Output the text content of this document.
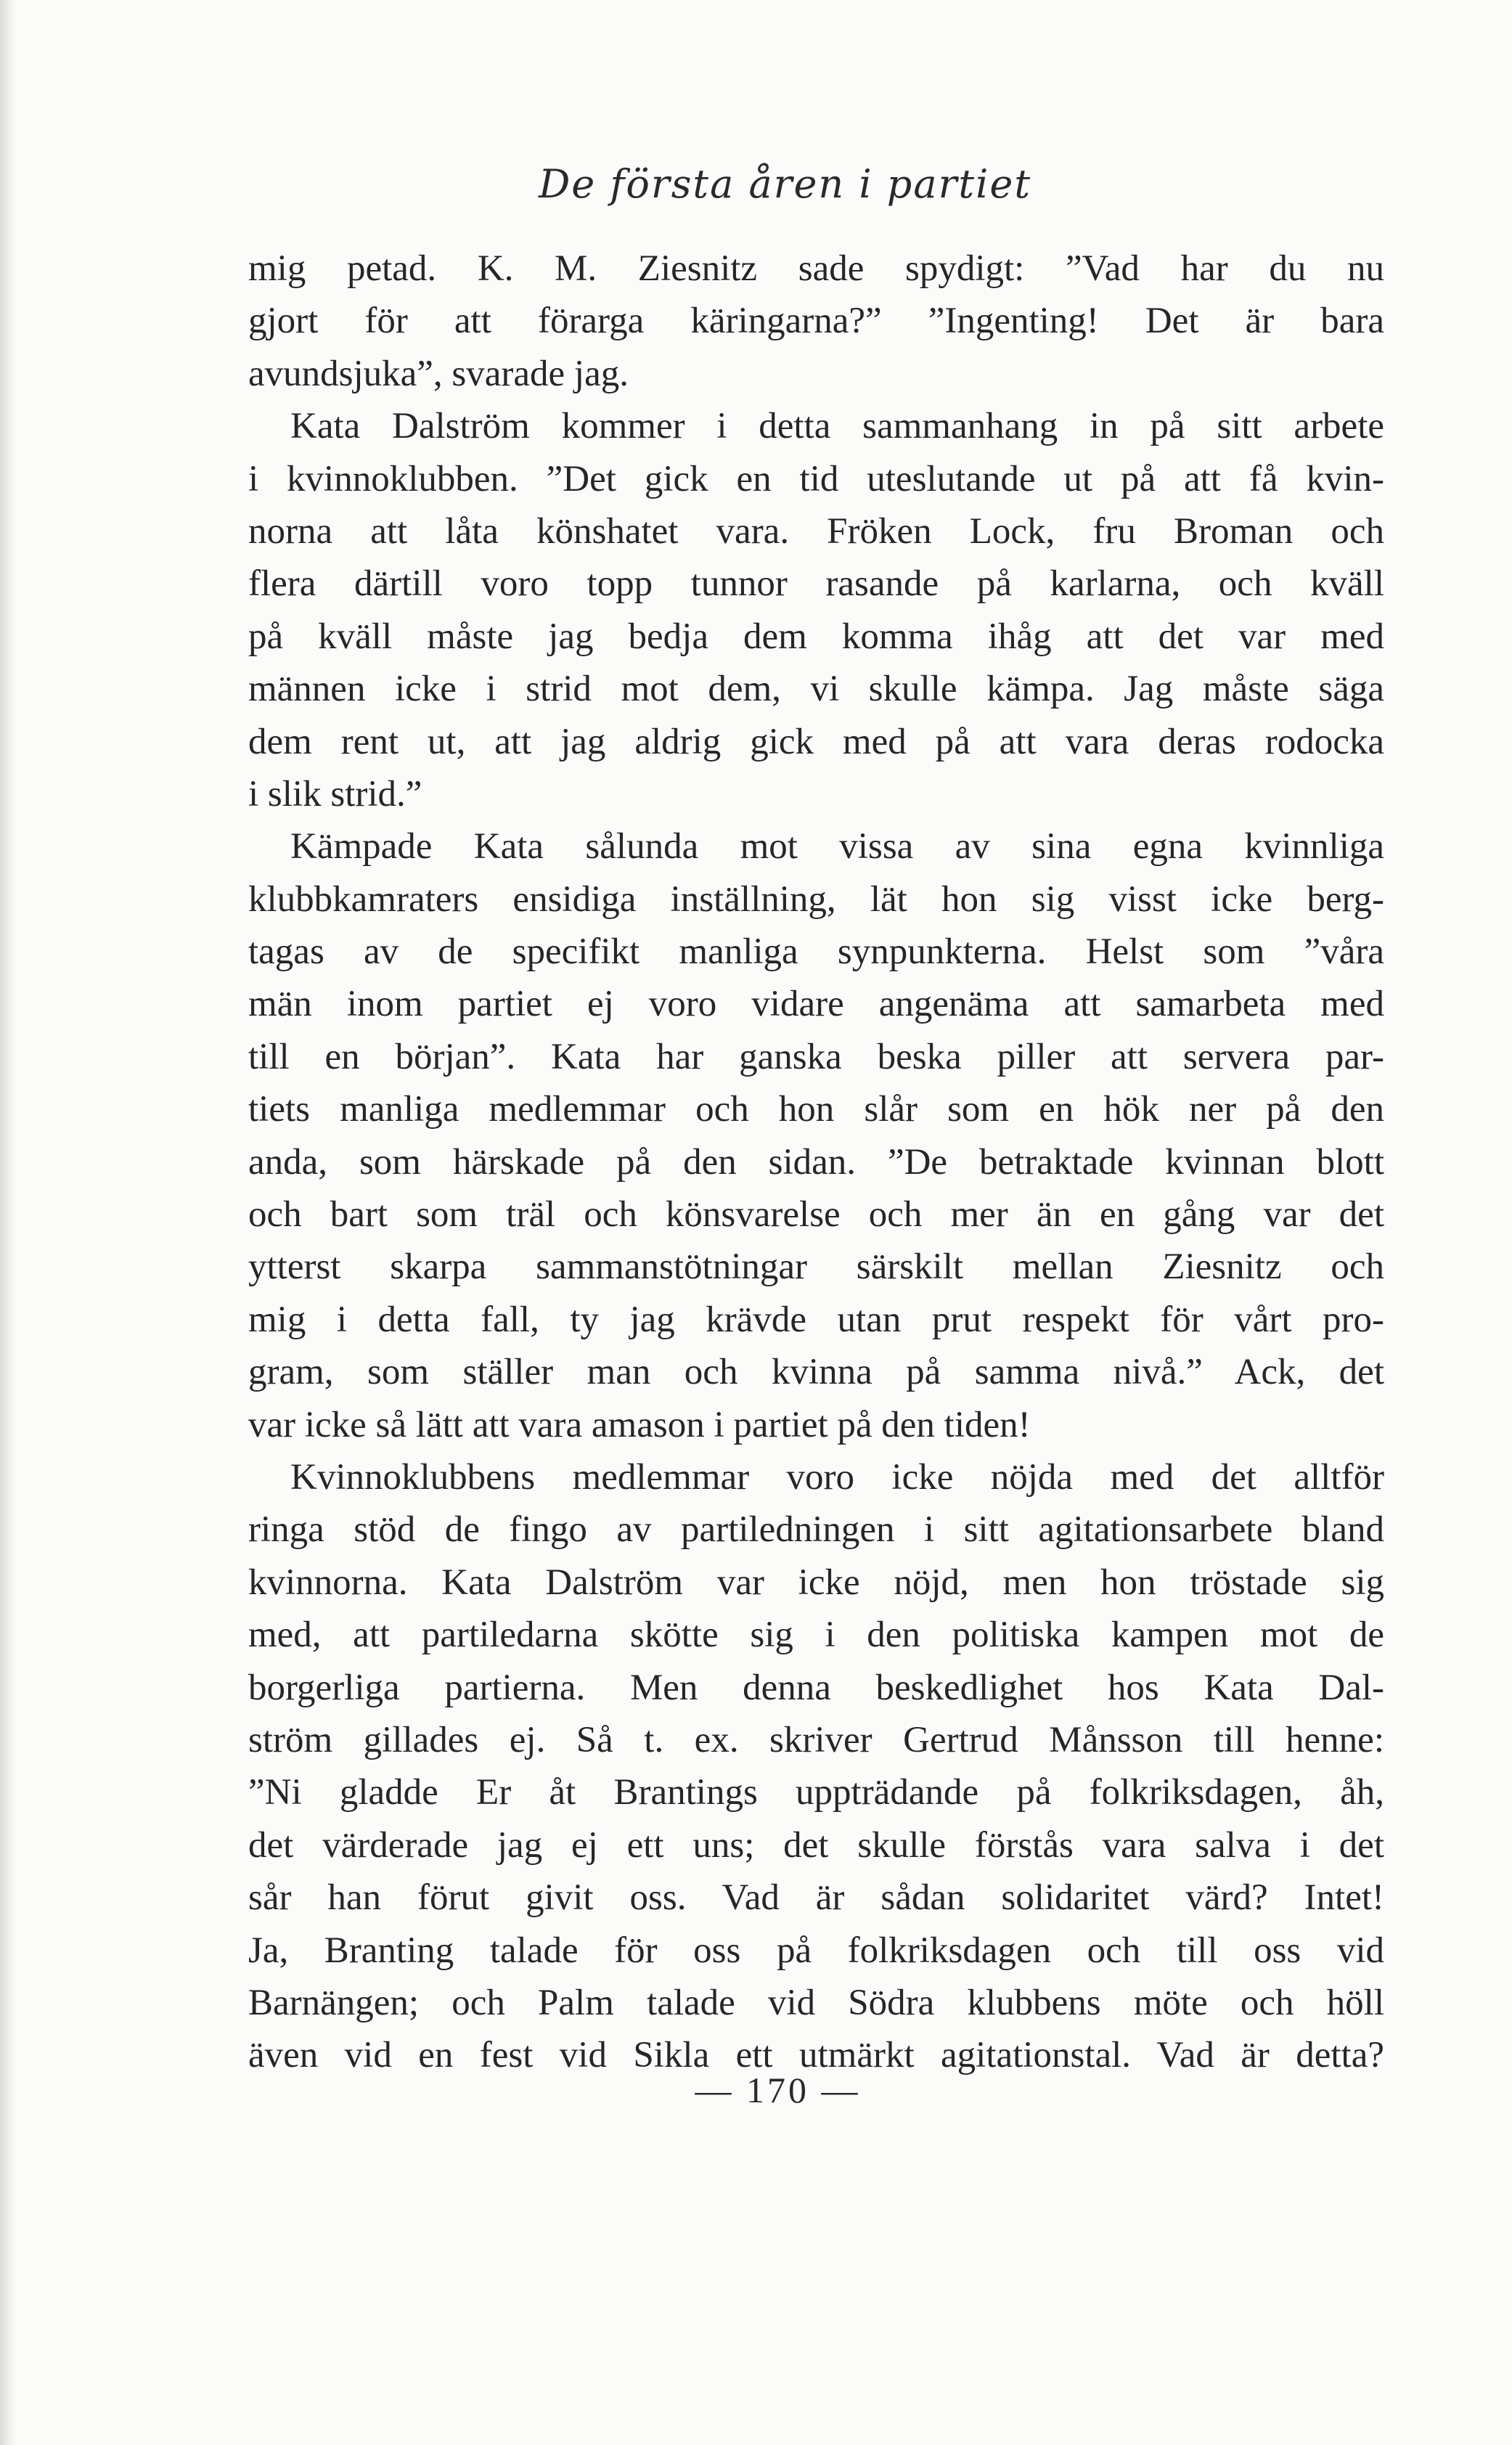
De första åren i partiet
mig petad. K. M. Ziesnitz sade spydigt: ”Vad har du nu
gjort för att förarga käringarna?” ”Ingenting! Det är bara
avundsjuka”, svarade jag.
Kata Dalström kommer i detta sammanhang in på sitt arbete
i kvinnoklubben. ”Det gick en tid uteslutande ut på att få kvin-
norna att låta könshatet vara. Fröken Lock, fru Broman och
flera därtill voro topp tunnor rasande på karlarna, och kväll
på kväll måste jag bedja dem komma ihåg att det var med
männen icke i strid mot dem, vi skulle kämpa. Jag måste säga
dem rent ut, att jag aldrig gick med på att vara deras rodocka
i slik strid.”
Kämpade Kata sålunda mot vissa av sina egna kvinnliga
klubbkamraters ensidiga inställning, lät hon sig visst icke berg-
tagas av de specifikt manliga synpunkterna. Helst som ”våra
män inom partiet ej voro vidare angenäma att samarbeta med
till en början”. Kata har ganska beska piller att servera par-
tiets manliga medlemmar och hon slår som en hök ner på den
anda, som härskade på den sidan. ”De betraktade kvinnan blott
och bart som träl och könsvarelse och mer än en gång var det
ytterst skarpa sammanstötningar särskilt mellan Ziesnitz och
mig i detta fall, ty jag krävde utan prut respekt för vårt pro-
gram, som ställer man och kvinna på samma nivå.” Ack, det
var icke så lätt att vara amason i partiet på den tiden!
Kvinnoklubbens medlemmar voro icke nöjda med det alltför
ringa stöd de fingo av partiledningen i sitt agitationsarbete bland
kvinnorna. Kata Dalström var icke nöjd, men hon tröstade sig
med, att partiledarna skötte sig i den politiska kampen mot de
borgerliga partierna. Men denna beskedlighet hos Kata Dal-
ström gillades ej. Så t. ex. skriver Gertrud Månsson till henne:
”Ni gladde Er åt Brantings uppträdande på folkriksdagen, åh,
det värderade jag ej ett uns; det skulle förstås vara salva i det
sår han förut givit oss. Vad är sådan solidaritet värd? Intet!
Ja, Branting talade för oss på folkriksdagen och till oss vid
Barnängen; och Palm talade vid Södra klubbens möte och höll
även vid en fest vid Sikla ett utmärkt agitationstal. Vad är detta?
— 170 —
